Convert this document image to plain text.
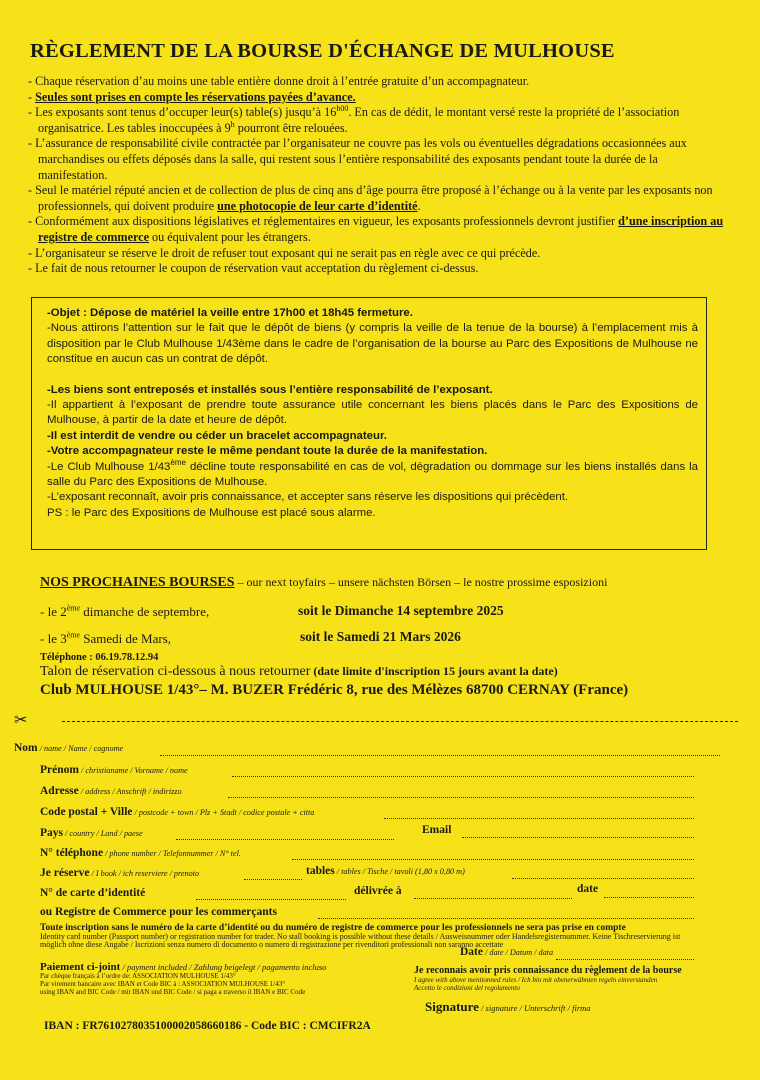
RÈGLEMENT DE LA BOURSE D'ÉCHANGE DE MULHOUSE
- Chaque réservation d’au moins une table entière donne droit à l’entrée gratuite d’un accompagnateur.
- Seules sont prises en compte les réservations payées d’avance.
- Les exposants sont tenus d’occuper leur(s) table(s) jusqu’à $16^{h00}$. En cas de dédit, le montant versé reste la propriété de l’association organisatrice. Les tables inoccupées à 9$^h$ pourront être relouées.
- L’assurance de responsabilité civile contractée par l’organisateur ne couvre pas les vols ou éventuelles dégradations occasionnées aux marchandises ou effets déposés dans la salle, qui restent sous l’entière responsabilité des exposants pendant toute la durée de la manifestation.
- Seul le matériel réputé ancien et de collection de plus de cinq ans d’âge pourra être proposé à l’échange ou à la vente par les exposants non professionnels, qui doivent produire une photocopie de leur carte d’identité.
- Conformément aux dispositions législatives et réglementaires en vigueur, les exposants professionnels devront justifier d’une inscription au registre de commerce ou équivalent pour les étrangers.
- L’organisateur se réserve le droit de refuser tout exposant qui ne serait pas en règle avec ce qui précède.
- Le fait de nous retourner le coupon de réservation vaut acceptation du règlement ci-dessus.

-Objet : Dépose de matériel la veille entre 17h00 et 18h45 fermeture.

-Nous attirons l’attention sur le fait que le dépôt de biens (y compris la veille de la tenue de la bourse) à l’emplacement mis à disposition par le Club Mulhouse 1/43ème dans le cadre de l’organisation de la bourse au Parc des Expositions de Mulhouse ne constitue en aucun cas un contrat de dépôt.

-Les biens sont entreposés et installés sous l’entière responsabilité de l’exposant.

-Il appartient à l’exposant de prendre toute assurance utile concernant les biens placés dans le Parc des Expositions de Mulhouse, à partir de la date et heure de dépôt.

-Il est interdit de vendre ou céder un bracelet accompagnateur.

-Votre accompagnateur reste le même pendant toute la durée de la manifestation.

-Le Club Mulhouse 1/43ème décline toute responsabilité en cas de vol, dégradation ou dommage sur les biens installés dans la salle du Parc des Expositions de Mulhouse.

-L’exposant reconnaît, avoir pris connaissance, et accepter sans réserve les dispositions qui précèdent.

PS : le Parc des Expositions de Mulhouse est placé sous alarme.

NOS PROCHAINES BOURSES – our next toyfairs – unsere nächsten Börsen – le nostre prossime esposizioni
- le 2ème dimanche de septembre,	soit le Dimanche 14 septembre 2025
- le 3ème Samedi de Mars,	soit le Samedi 21 Mars 2026
Téléphone : 06.19.78.12.94
Talon de réservation ci-dessous à nous retourner (date limite d'inscription 15 jours avant la date)
Club MULHOUSE 1/43°– M. BUZER Frédéric 8, rue des Mélèzes 68700 CERNAY (France)
✂
Nom / name / Name / cognome
Prénom / christianame / Vorname / nome
Adresse / address / Anschrift / indirizzo
Code postal + Ville / postcode + town / Plz + Stadt / codice postale + citta
Pays / country / Land / paese	Email
N° téléphone / phone number / Telefonnummer / N° tel.
Je réserve / I book / ich reserviere / prenoto	tables / tables / Tische / tavoli (1,80 x 0,80 m)
N° de carte d’identité	délivrée à	date
ou Registre de Commerce pour les commerçants
Toute inscription sans le numéro de la carte d’identité ou du numéro de registre de commerce pour les professionnels ne sera pas prise en compte
Identity card number (Passport number) or registration number for trader. No stall booking is possible without these details / Ausweisnummer oder Handelsregisternummer. Keine Tischreservierung ist möglich ohne diese Angabe / Iscrizioni senza numero di documento o numero di registrazione per rivenditori professionali non saranno accettate
Paiement ci-joint / payment included / Zahlung beigelegt / pagamento incluso
Par chèque français à l’ordre de: ASSOCIATION MULHOUSE 1/43°
Par virement bancaire avec IBAN et Code BIC à : ASSOCIATION MULHOUSE 1/43°
using IBAN and BIC Code / mit IBAN und BIC Code / si paga a traverso il IBAN e BIC Code
Date / date / Datum / data
Je reconnais avoir pris connaissance du règlement de la bourse
I agree with above mentionned rules / Ich bin mit obenerwähnten regeln einverstanden
Accetto le condizioni del regolamento
Signature / signature / Unterschrift / firma
IBAN : FR7610278035100002058660186 - Code BIC : CMCIFR2A
